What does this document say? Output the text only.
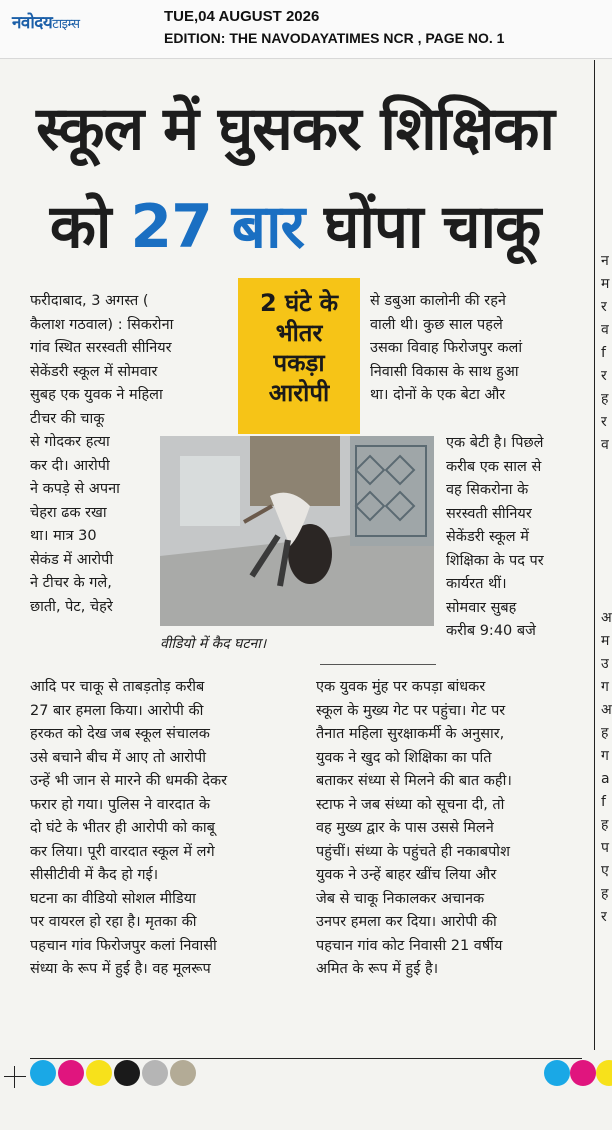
नवोदयटाइम्स	TUE,04 AUGUST 2026
EDITION: THE NAVODAYATIMES NCR , PAGE NO. 1
स्कूल में घुसकर शिक्षिका
को 27 बार घोंपा चाकू
2 घंटे के
भीतर
पकड़ा
आरोपी
फरीदाबाद, 3 अगस्त (
कैलाश गठवाल) : सिकरोना
गांव स्थित सरस्वती सीनियर
सेकेंडरी स्कूल में सोमवार
सुबह एक युवक ने महिला
टीचर की चाकू
से गोदकर हत्या
कर दी। आरोपी
ने कपड़े से अपना
चेहरा ढक रखा
था। मात्र 30
सेकंड में आरोपी
ने टीचर के गले,
छाती, पेट, चेहरे
आदि पर चाकू से ताबड़तोड़ करीब
27 बार हमला किया। आरोपी की
हरकत को देख जब स्कूल संचालक
उसे बचाने बीच में आए तो आरोपी
उन्हें भी जान से मारने की धमकी देकर
फरार हो गया। पुलिस ने वारदात के
दो घंटे के भीतर ही आरोपी को काबू
कर लिया। पूरी वारदात स्कूल में लगे
सीसीटीवी में कैद हो गई।
घटना का वीडियो सोशल मीडिया
पर वायरल हो रहा है। मृतका की
पहचान गांव फिरोजपुर कलां निवासी
संध्या के रूप में हुई है। वह मूलरूप
से डबुआ कालोनी की रहने
वाली थी। कुछ साल पहले
उसका विवाह फिरोजपुर कलां
निवासी विकास के साथ हुआ
था। दोनों के एक बेटा और
एक बेटी है। पिछले
करीब एक साल से
वह सिकरोना के
सरस्वती सीनियर
सेकेंडरी स्कूल में
शिक्षिका के पद पर
कार्यरत थीं।
सोमवार सुबह
करीब 9:40 बजे
एक युवक मुंह पर कपड़ा बांधकर
स्कूल के मुख्य गेट पर पहुंचा। गेट पर
तैनात महिला सुरक्षाकर्मी के अनुसार,
युवक ने खुद को शिक्षिका का पति
बताकर संध्या से मिलने की बात कही।
स्टाफ ने जब संध्या को सूचना दी, तो
वह मुख्य द्वार के पास उससे मिलने
पहुंचीं। संध्या के पहुंचते ही नकाबपोश
युवक ने उन्हें बाहर खींच लिया और
जेब से चाकू निकालकर अचानक
उनपर हमला कर दिया। आरोपी की
पहचान गांव कोट निवासी 21 वर्षीय
अमित के रूप में हुई है।
वीडियो में कैद घटना।
न
म
र
व
f
र
ह
र
व
अ
म
उ
ग
अ
ह
ग
a
f
ह
प
ए
ह
र
